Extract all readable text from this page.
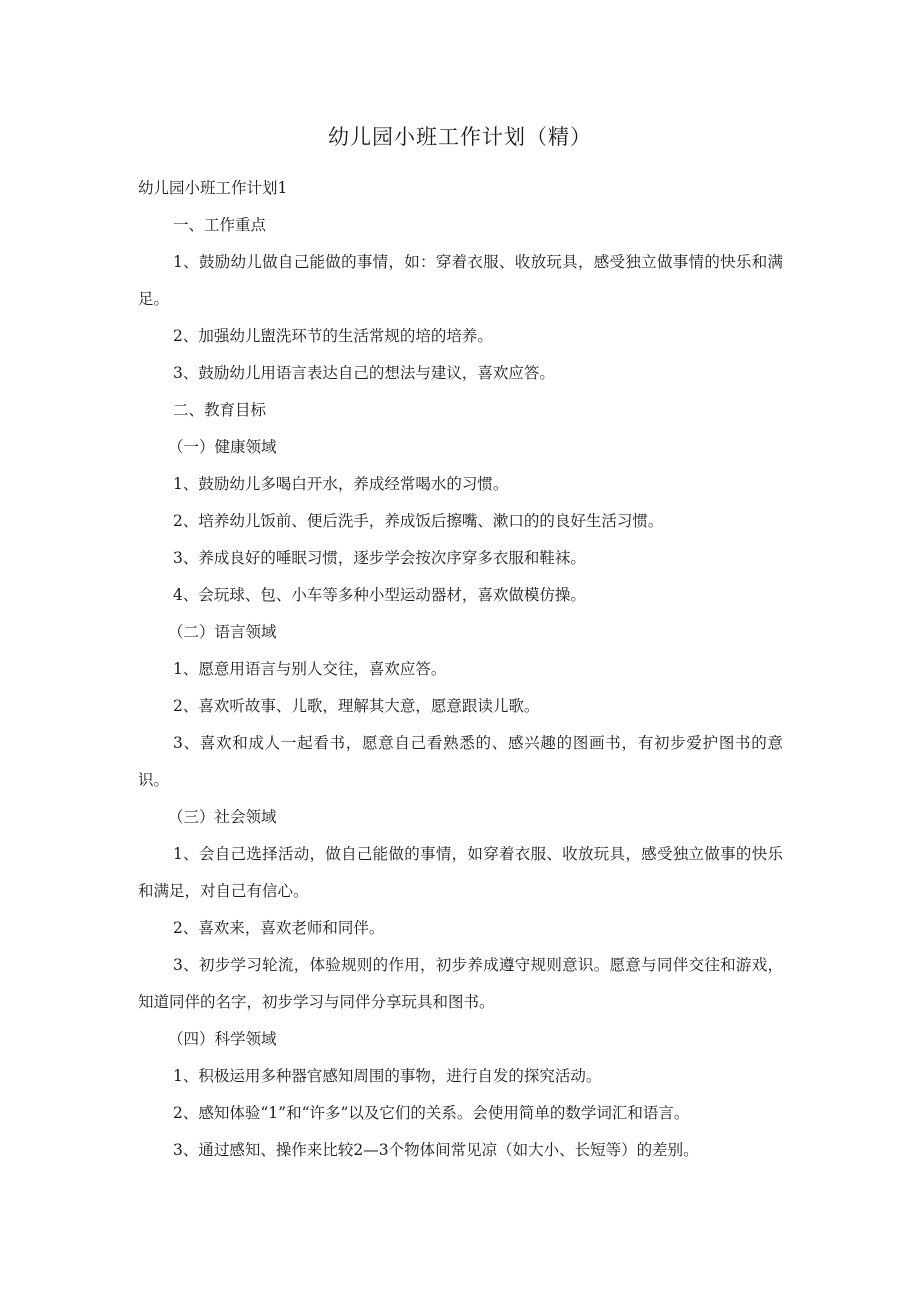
幼儿园小班工作计划（精）

幼儿园小班工作计划1

一、工作重点

1、鼓励幼儿做自己能做的事情，如：穿着衣服、收放玩具，感受独立做事情的快乐和满足。

2、加强幼儿盥洗环节的生活常规的培的培养。

3、鼓励幼儿用语言表达自己的想法与建议，喜欢应答。

二、教育目标

（一）健康领域

1、鼓励幼儿多喝白开水，养成经常喝水的习惯。

2、培养幼儿饭前、便后洗手，养成饭后擦嘴、漱口的的良好生活习惯。

3、养成良好的唾眠习惯，逐步学会按次序穿多衣服和鞋袜。

4、会玩球、包、小车等多种小型运动器材，喜欢做模仿操。

（二）语言领域

1、愿意用语言与别人交往，喜欢应答。

2、喜欢听故事、儿歌，理解其大意，愿意跟读儿歌。

3、喜欢和成人一起看书，愿意自己看熟悉的、感兴趣的图画书，有初步爱护图书的意识。

（三）社会领域

1、会自己选择活动，做自己能做的事情，如穿着衣服、收放玩具，感受独立做事的快乐和满足，对自己有信心。

2、喜欢来，喜欢老师和同伴。

3、初步学习轮流，体验规则的作用，初步养成遵守规则意识。愿意与同伴交往和游戏，知道同伴的名字，初步学习与同伴分享玩具和图书。

（四）科学领域

1、积极运用多种器官感知周围的事物，进行自发的探究活动。

2、感知体验“1”和“许多”以及它们的关系。会使用简单的数学词汇和语言。

3、通过感知、操作来比较2—3个物体间常见凉（如大小、长短等）的差别。
